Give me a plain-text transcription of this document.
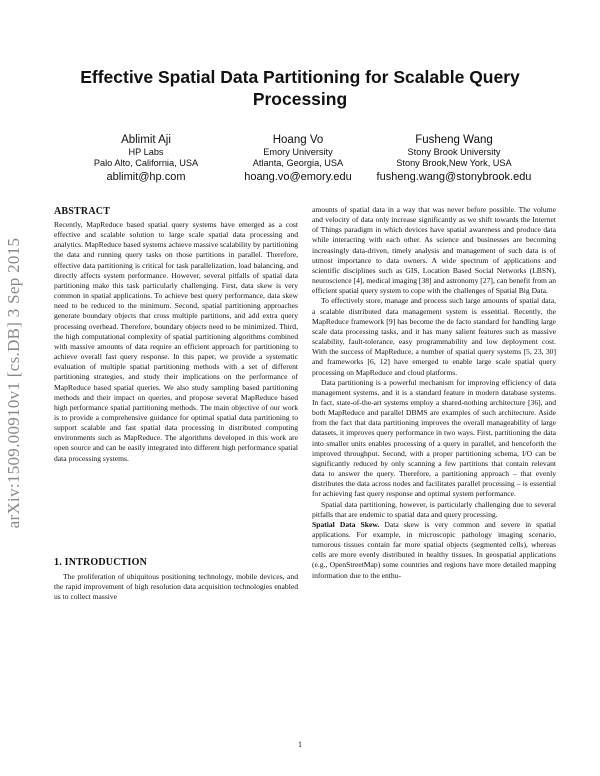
Effective Spatial Data Partitioning for Scalable Query Processing
Ablimit Aji
HP Labs
Palo Alto, California, USA
ablimit@hp.com
Hoang Vo
Emory University
Atlanta, Georgia, USA
hoang.vo@emory.edu
Fusheng Wang
Stony Brook University
Stony Brook,New York, USA
fusheng.wang@stonybrook.edu
arXiv:1509.00910v1 [cs.DB] 3 Sep 2015
ABSTRACT

Recently, MapReduce based spatial query systems have emerged as a cost effective and scalable solution to large scale spatial data processing and analytics. MapReduce based systems achieve massive scalability by partitioning the data and running query tasks on those partitions in parallel. Therefore, effective data partitioning is critical for task parallelization, load balancing, and directly affects system performance. However, several pitfalls of spatial data partitioning make this task particularly challenging. First, data skew is very common in spatial applications. To achieve best query performance, data skew need to be reduced to the minimum. Second, spatial partitioning approaches generate boundary objects that cross multiple partitions, and add extra query processing overhead. Therefore, boundary objects need to be minimized. Third, the high computational complexity of spatial partitioning algorithms combined with massive amounts of data require an efficient approach for partitioning to achieve overall fast query response. In this paper, we provide a systematic evaluation of multiple spatial partitioning methods with a set of different partitioning strategies, and study their implications on the performance of MapReduce based spatial queries. We also study sampling based partitioning methods and their impact on queries, and propose several MapReduce based high performance spatial partitioning methods. The main objective of our work is to provide a comprehensive guidance for optimal spatial data partitioning to support scalable and fast spatial data processing in distributed computing environments such as MapReduce. The algorithms developed in this work are open source and can be easily integrated into different high performance spatial data processing systems.

1. INTRODUCTION

The proliferation of ubiquitous positioning technology, mobile devices, and the rapid improvement of high resolution data acquisition technologies enabled us to collect massive

amounts of spatial data in a way that was never before possible. The volume and velocity of data only increase significantly as we shift towards the Internet of Things paradigm in which devices have spatial awareness and produce data while interacting with each other. As science and businesses are becoming increasingly data-driven, timely analysis and management of such data is of utmost importance to data owners. A wide spectrum of applications and scientific disciplines such as GIS, Location Based Social Networks (LBSN), neuroscience [4], medical imaging [38] and astronomy [27], can benefit from an efficient spatial query system to cope with the challenges of Spatial Big Data.

To effectively store, manage and process such large amounts of spatial data, a scalable distributed data management system is essential. Recently, the MapReduce framework [9] has become the de facto standard for handling large scale data processing tasks, and it has many salient features such as massive scalability, fault-tolerance, easy programmability and low deployment cost. With the success of MapReduce, a number of spatial query systems [5, 23, 30] and frameworks [6, 12] have emerged to enable large scale spatial query processing on MapReduce and cloud platforms.

Data partitioning is a powerful mechanism for improving efficiency of data management systems, and it is a standard feature in modern database systems. In fact, state-of-the-art systems employ a shared-nothing architecture [36], and both MapReduce and parallel DBMS are examples of such architecture. Aside from the fact that data partitioning improves the overall manageability of large datasets, it improves query performance in two ways. First, partitioning the data into smaller units enables processing of a query in parallel, and henceforth the improved throughput. Second, with a proper partitioning schema, I/O can be significantly reduced by only scanning a few partitions that contain relevant data to answer the query. Therefore, a partitioning approach – that evenly distributes the data across nodes and facilitates parallel processing – is essential for achieving fast query response and optimal system performance.

Spatial data partitioning, however, is particularly challenging due to several pitfalls that are endemic to spatial data and query processing.

Spatial Data Skew. Data skew is very common and severe in spatial applications. For example, in microscopic pathology imaging scenario, tumorous tissues contain far more spatial objects (segmented cells), whereas cells are more evenly distributed in healthy tissues. In geospatial applications (e.g., OpenStreetMap) some countries and regions have more detailed mapping information due to the enthu-

1
